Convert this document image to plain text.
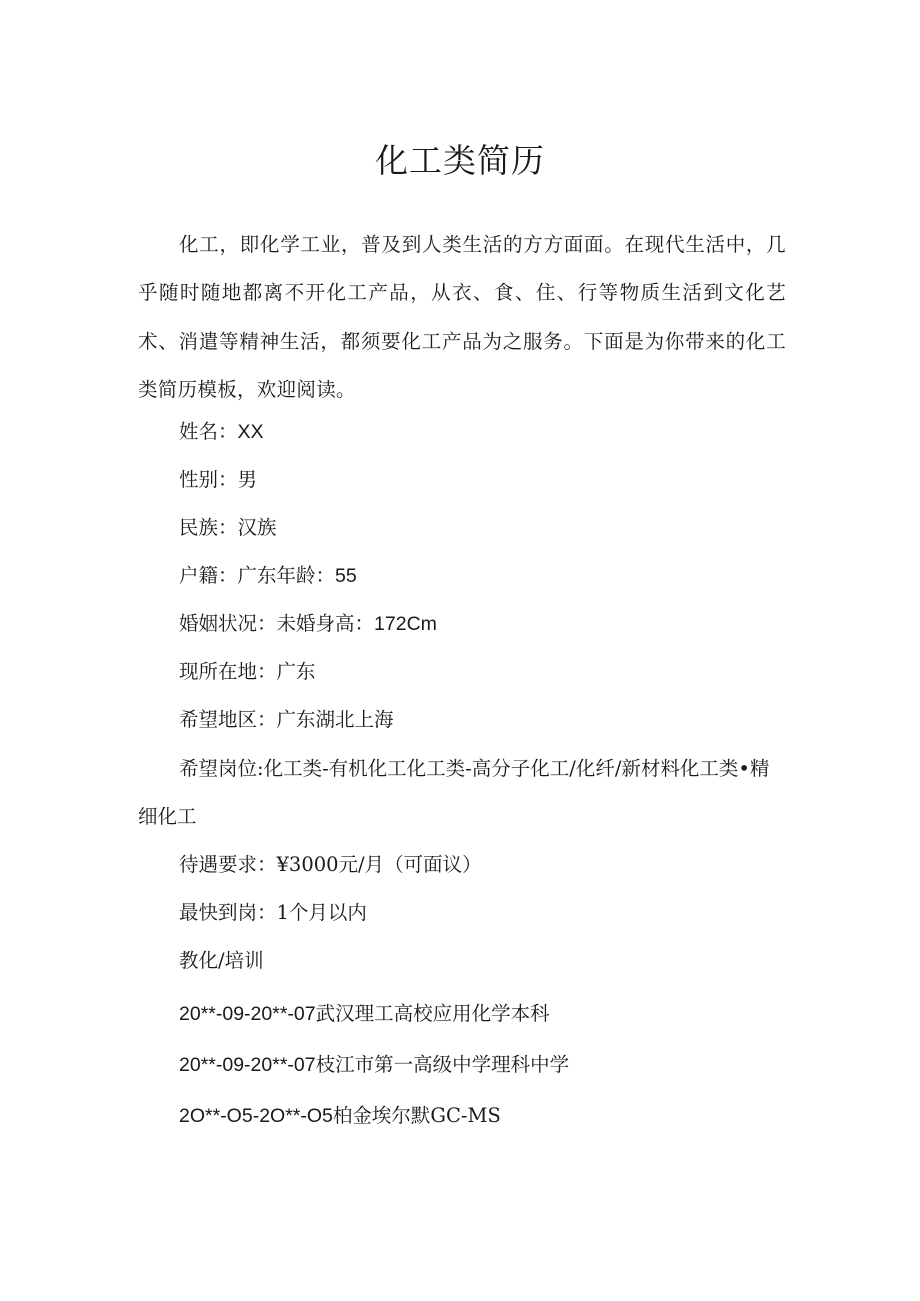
化工类简历

化工，即化学工业，普及到人类生活的方方面面。在现代生活中，几乎随时随地都离不开化工产品，从衣、食、住、行等物质生活到文化艺术、消遣等精神生活，都须要化工产品为之服务。下面是为你带来的化工类简历模板，欢迎阅读。

姓名：XX

性别：男

民族：汉族

户籍：广东年龄：55

婚姻状况：未婚身高：172Cm

现所在地：广东

希望地区：广东湖北上海

希望岗位:化工类-有机化工化工类-高分子化工/化纤/新材料化工类•精细化工

待遇要求：¥3000元/月（可面议）

最快到岗：1个月以内

教化/培训

20**-09-20**-07武汉理工高校应用化学本科

20**-09-20**-07枝江市第一高级中学理科中学

2O**-O5-2O**-O5柏金埃尔默GC-MS
